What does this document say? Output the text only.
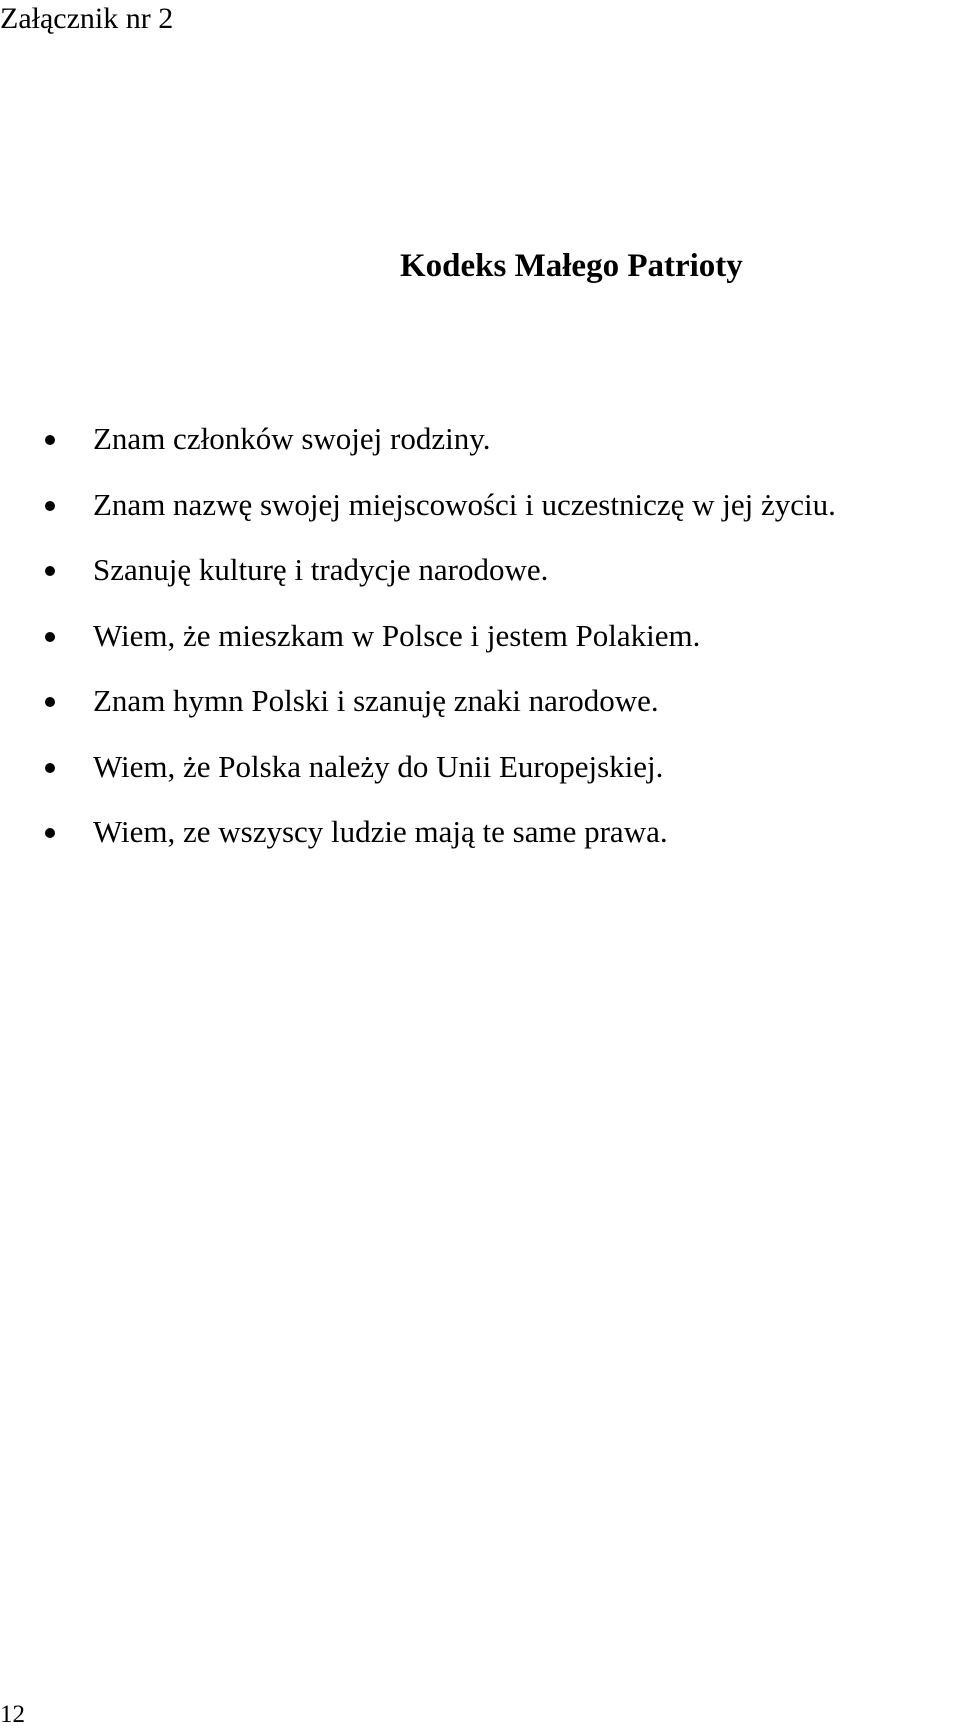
Załącznik nr 2
Kodeks Małego Patrioty
Znam członków swojej rodziny.
Znam nazwę swojej miejscowości i uczestniczę w jej życiu.
Szanuję kulturę i tradycje narodowe.
Wiem, że mieszkam w Polsce i jestem Polakiem.
Znam hymn Polski i szanuję znaki narodowe.
Wiem, że Polska należy do Unii Europejskiej.
Wiem, ze wszyscy ludzie mają te same prawa.
12
